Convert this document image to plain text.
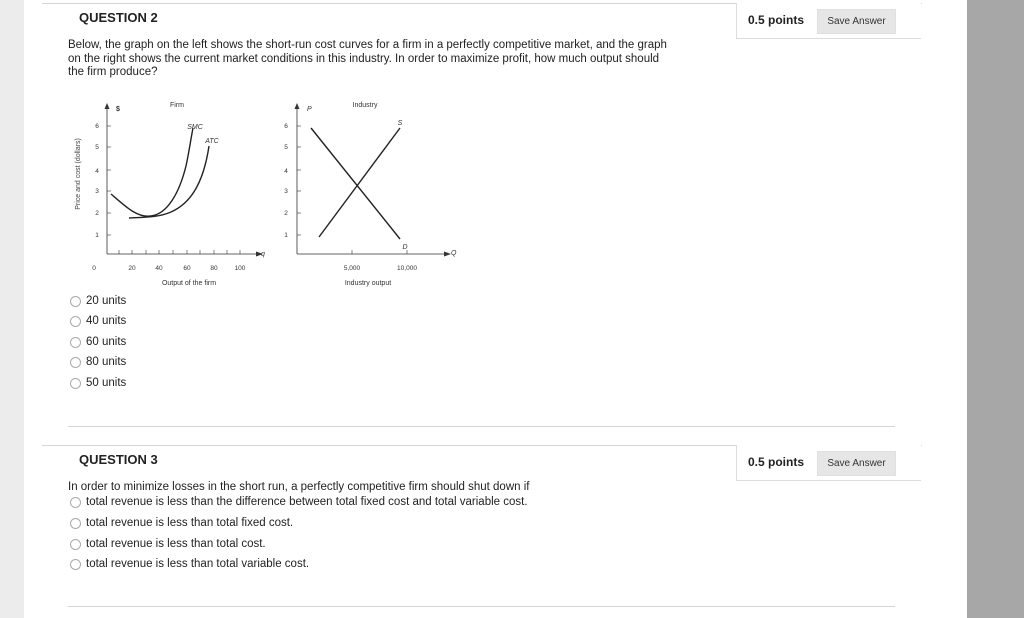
QUESTION 2	0.5 points	Save Answer
Below, the graph on the left shows the short-run cost curves for a firm in a perfectly competitive market, and the graph
on the right shows the current market conditions in this industry. In order to maximize profit, how much output should
the firm produce?
Firm
$
Price and cost (dollars)
q
6
5
4
3
2
1
0	20	40	60	80	100
Output of the firm
SMC
ATC
Industry
P
Q
6
5
4
3
2
1
5,000	10,000
Industry output
S
D
20 units
40 units
60 units
80 units
50 units
QUESTION 3	0.5 points	Save Answer
In order to minimize losses in the short run, a perfectly competitive firm should shut down if
total revenue is less than the difference between total fixed cost and total variable cost.
total revenue is less than total fixed cost.
total revenue is less than total cost.
total revenue is less than total variable cost.
